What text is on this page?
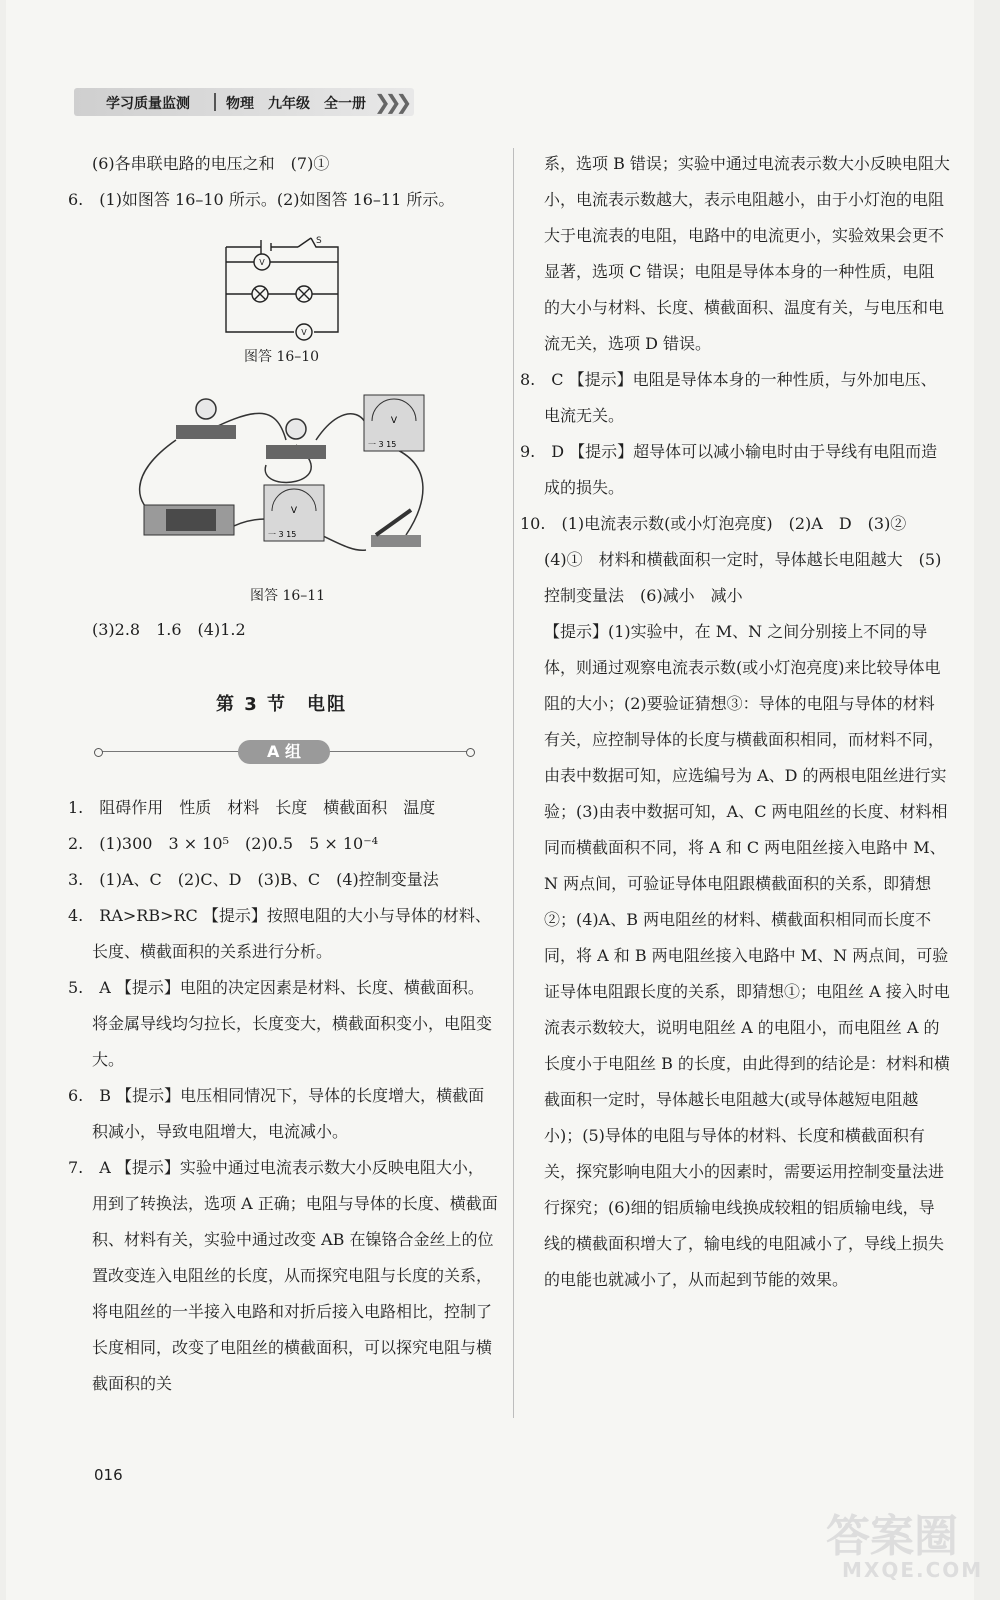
学习质量监测	物理　九年级　全一册 ❯❯❯

(6)各串联电路的电压之和　(7)①

6.　(1)如图答 16–10 所示。(2)如图答 16–11 所示。

V
V
S
图答 16–10
V
一 3 15
V
一 3 15
图答 16–11

(3)2.8　1.6　(4)1.2

第 3 节　电阻
A 组

1.　阻碍作用　性质　材料　长度　横截面积　温度

2.　(1)300　3 × 10⁵　(2)0.5　5 × 10⁻⁴

3.　(1)A、C　(2)C、D　(3)B、C　(4)控制变量法

4.　RA>RB>RC 【提示】按照电阻的大小与导体的材料、长度、横截面积的关系进行分析。

5.　A 【提示】电阻的决定因素是材料、长度、横截面积。将金属导线均匀拉长，长度变大，横截面积变小，电阻变大。

6.　B 【提示】电压相同情况下，导体的长度增大，横截面积减小，导致电阻增大，电流减小。

7.　A 【提示】实验中通过电流表示数大小反映电阻大小，用到了转换法，选项 A 正确；电阻与导体的长度、横截面积、材料有关，实验中通过改变 AB 在镍铬合金丝上的位置改变连入电阻丝的长度，从而探究电阻与长度的关系，将电阻丝的一半接入电路和对折后接入电路相比，控制了长度相同，改变了电阻丝的横截面积，可以探究电阻与横截面积的关

系，选项 B 错误；实验中通过电流表示数大小反映电阻大小，电流表示数越大，表示电阻越小，由于小灯泡的电阻大于电流表的电阻，电路中的电流更小，实验效果会更不显著，选项 C 错误；电阻是导体本身的一种性质，电阻的大小与材料、长度、横截面积、温度有关，与电压和电流无关，选项 D 错误。

8.　C 【提示】电阻是导体本身的一种性质，与外加电压、电流无关。

9.　D 【提示】超导体可以减小输电时由于导线有电阻而造成的损失。

10.　(1)电流表示数(或小灯泡亮度)　(2)A　D　(3)②　(4)①　材料和横截面积一定时，导体越长电阻越大　(5)控制变量法　(6)减小　减小

【提示】(1)实验中，在 M、N 之间分别接上不同的导体，则通过观察电流表示数(或小灯泡亮度)来比较导体电阻的大小；(2)要验证猜想③：导体的电阻与导体的材料有关，应控制导体的长度与横截面积相同，而材料不同，由表中数据可知，应选编号为 A、D 的两根电阻丝进行实验；(3)由表中数据可知，A、C 两电阻丝的长度、材料相同而横截面积不同，将 A 和 C 两电阻丝接入电路中 M、N 两点间，可验证导体电阻跟横截面积的关系，即猜想②；(4)A、B 两电阻丝的材料、横截面积相同而长度不同，将 A 和 B 两电阻丝接入电路中 M、N 两点间，可验证导体电阻跟长度的关系，即猜想①；电阻丝 A 接入时电流表示数较大，说明电阻丝 A 的电阻小，而电阻丝 A 的长度小于电阻丝 B 的长度，由此得到的结论是：材料和横截面积一定时，导体越长电阻越大(或导体越短电阻越小)；(5)导体的电阻与导体的材料、长度和横截面积有关，探究影响电阻大小的因素时，需要运用控制变量法进行探究；(6)细的铝质输电线换成较粗的铝质输电线，导线的横截面积增大了，输电线的电阻减小了，导线上损失的电能也就减小了，从而起到节能的效果。

016
答案圈
MXQE.COM
